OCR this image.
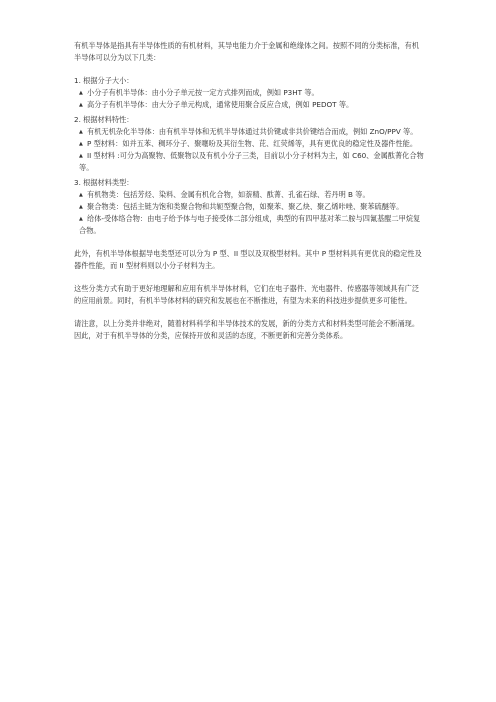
有机半导体是指具有半导体性质的有机材料，其导电能力介于金属和绝缘体之间。按照不同的分类标准，有机半导体可以分为以下几类：

1. 根据分子大小：

▲ 小分子有机半导体：由小分子单元按一定方式排列而成，例如 P3HT 等。

▲ 高分子有机半导体：由大分子单元构成，通常使用聚合反应合成，例如 PEDOT 等。

2. 根据材料特性：

▲ 有机无机杂化半导体：由有机半导体和无机半导体通过共价键或非共价键结合而成，例如 ZnO/PPV 等。

▲ P 型材料：如并五苯、稠环分子、聚噻吩及其衍生物、芘、红荧烯等，具有更优良的稳定性及器件性能。

▲ II 型材料 :可分为高聚物、低聚物以及有机小分子三类，目前以小分子材料为主，如 C60、金属酞菁化合物等。

3. 根据材料类型：

▲ 有机物类：包括芳烃、染料、金属有机化合物，如萘精、酞菁、孔雀石绿、若丹明 B 等。

▲ 聚合物类：包括主链为饱和类聚合物和共轭型聚合物，如聚苯、聚乙炔、聚乙烯咔唑、聚苯硫醚等。

▲ 给体-受体络合物：由电子给予体与电子接受体二部分组成，典型的有四甲基对苯二胺与四氰基醌二甲烷复合物。

此外，有机半导体根据导电类型还可以分为 P 型、II 型以及双极型材料。其中 P 型材料具有更优良的稳定性及器件性能，而 II 型材料则以小分子材料为主。

这些分类方式有助于更好地理解和应用有机半导体材料，它们在电子器件、光电器件、传感器等领域具有广泛的应用前景。同时，有机半导体材料的研究和发展也在不断推进，有望为未来的科技进步提供更多可能性。

请注意，以上分类并非绝对，随着材料科学和半导体技术的发展，新的分类方式和材料类型可能会不断涌现。因此，对于有机半导体的分类，应保持开放和灵活的态度，不断更新和完善分类体系。
